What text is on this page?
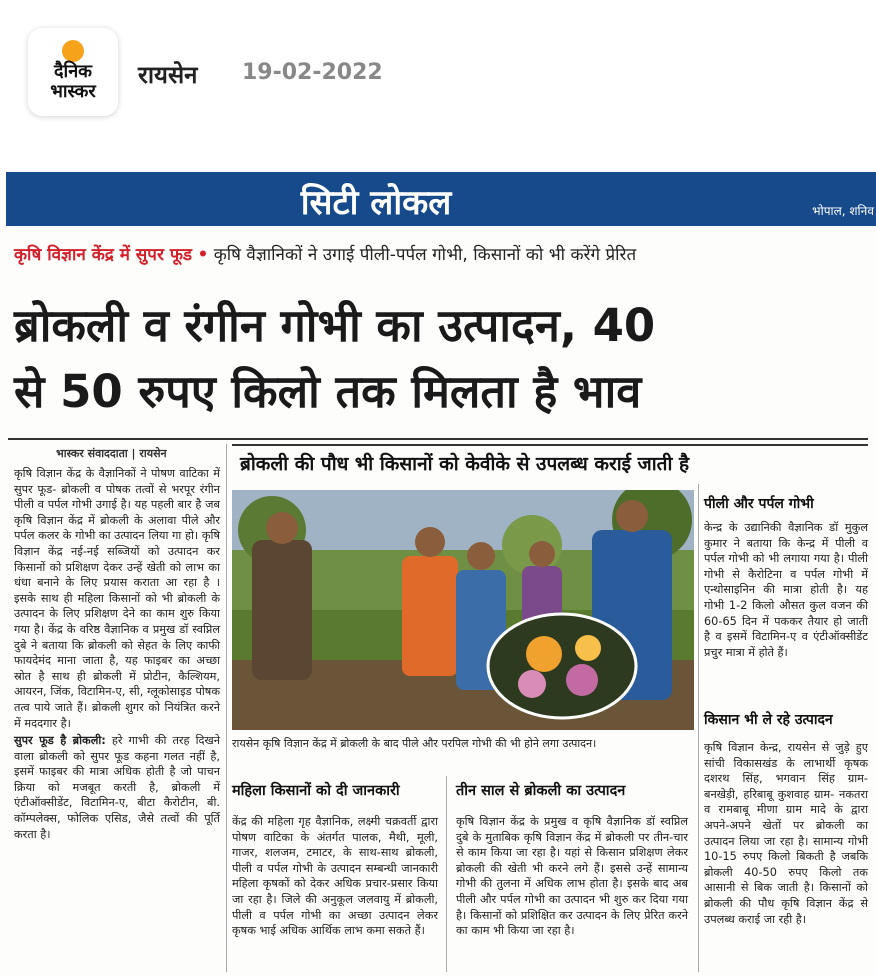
दैनिक
भास्कर
रायसेन 19-02-2022
सिटी लोकल	भोपाल, शनिव
कृषि विज्ञान केंद्र में सुपर फूड • कृषि वैज्ञानिकों ने उगाई पीली-पर्पल गोभी, किसानों को भी करेंगे प्रेरित
ब्रोकली व रंगीन गोभी का उत्पादन, 40
से 50 रुपए किलो तक मिलता है भाव
भास्कर संवाददाता | रायसेन

कृषि विज्ञान केंद्र के वैज्ञानिकों ने पोषण वाटिका में सुपर फूड- ब्रोकली व पोषक तत्वों से भरपूर रंगीन पीली व पर्पल गोभी उगाई है। यह पहली बार है जब कृषि विज्ञान केंद्र में ब्रोकली के अलावा पीले और पर्पल कलर के गोभी का उत्पादन लिया गा हो। कृषि विज्ञान केंद्र नई-नई सब्जियों को उत्पादन कर किसानों को प्रशिक्षण देकर उन्हें खेती को लाभ का धंधा बनाने के लिए प्रयास कराता आ रहा है । इसके साथ ही महिला किसानों को भी ब्रोकली के उत्पादन के लिए प्रशिक्षण देने का काम शुरु किया गया है। केंद्र के वरिष्ठ वैज्ञानिक व प्रमुख डॉ स्वप्निल दुबे ने बताया कि ब्रोकली को सेहत के लिए काफी फायदेमंद माना जाता है, यह फाइबर का अच्छा स्रोत है साथ ही ब्रोकली में प्रोटीन, कैल्शियम, आयरन, जिंक, विटामिन-ए, सी, ग्लूकोसाइड पोषक तत्व पाये जाते हैं। ब्रोकली शुगर को नियंत्रित करने में मददगार है।

सुपर फूड है ब्रोकली: हरे गाभी की तरह दिखने वाला ब्रोकली को सुपर फूड कहना गलत नहीं है, इसमें फाइबर की मात्रा अधिक होती है जो पाचन क्रिया को मजबूत करती है, ब्रोकली में एंटीऑक्सीडेंट, विटामिन-ए, बीटा कैरोटीन, बी. कॉम्पलेक्स, फोलिक एसिड, जैसे तत्वों की पूर्ति करता है।

ब्रोकली की पौध भी किसानों को केवीके से उपलब्ध कराई जाती है
रायसेन कृषि विज्ञान केंद्र में ब्रोकली के बाद पीले और परपिल गोभी की भी होने लगा उत्पादन।
पीली और पर्पल गोभी
केन्द्र के उद्यानिकी वैज्ञानिक डॉ मुकुल कुमार ने बताया कि केन्द्र में पीली व पर्पल गोभी को भी लगाया गया है। पीली गोभी से कैरोटिना व पर्पल गोभी में एन्थोसाइनिन की मात्रा होती है। यह गोभी 1-2 किलो औसत कुल वजन की 60-65 दिन में पककर तैयार हो जाती है व इसमें विटामिन-ए व एंटीऑक्सीडेंट प्रचुर मात्रा में होते हैं।
किसान भी ले रहे उत्पादन
कृषि विज्ञान केन्द्र, रायसेन से जुड़े हुए सांची विकासखंड के लाभार्थी कृषक दशरथ सिंह, भगवान सिंह ग्राम- बनखेड़ी, हरिबाबू कुशवाह ग्राम- नकतरा व रामबाबू मीणा ग्राम मादे के द्वारा अपने-अपने खेतों पर ब्रोकली का उत्पादन लिया जा रहा है। सामान्य गोभी 10-15 रुपए किलो बिकती है जबकि ब्रोकली 40-50 रुपए किलो तक आसानी से बिक जाती है। किसानों को ब्रोकली की पौध कृषि विज्ञान केंद्र से उपलब्ध कराई जा रही है।
महिला किसानों को दी जानकारी
केंद्र की महिला गृह वैज्ञानिक, लक्ष्मी चक्रवर्ती द्वारा पोषण वाटिका के अंतर्गत पालक, मैथी, मूली, गाजर, शलजम, टमाटर, के साथ-साथ ब्रोकली, पीली व पर्पल गोभी के उत्पादन सम्बन्धी जानकारी महिला कृषकों को देकर अधिक प्रचार-प्रसार किया जा रहा है। जिले की अनुकूल जलवायु में ब्रोकली, पीली व पर्पल गोभी का अच्छा उत्पादन लेकर कृषक भाई अधिक आर्थिक लाभ कमा सकते हैं।
तीन साल से ब्रोकली का उत्पादन
कृषि विज्ञान केंद्र के प्रमुख व कृषि वैज्ञानिक डॉ स्वप्निल दुबे के मुताबिक कृषि विज्ञान केंद्र में ब्रोकली पर तीन-चार से काम किया जा रहा है। यहां से किसान प्रशिक्षण लेकर ब्रोकली की खेती भी करने लगे हैं। इससे उन्हें सामान्य गोभी की तुलना में अधिक लाभ होता है। इसके बाद अब पीली और पर्पल गोभी का उत्पादन भी शुरु कर दिया गया है। किसानों को प्रशिक्षित कर उत्पादन के लिए प्रेरित करने का काम भी किया जा रहा है।
